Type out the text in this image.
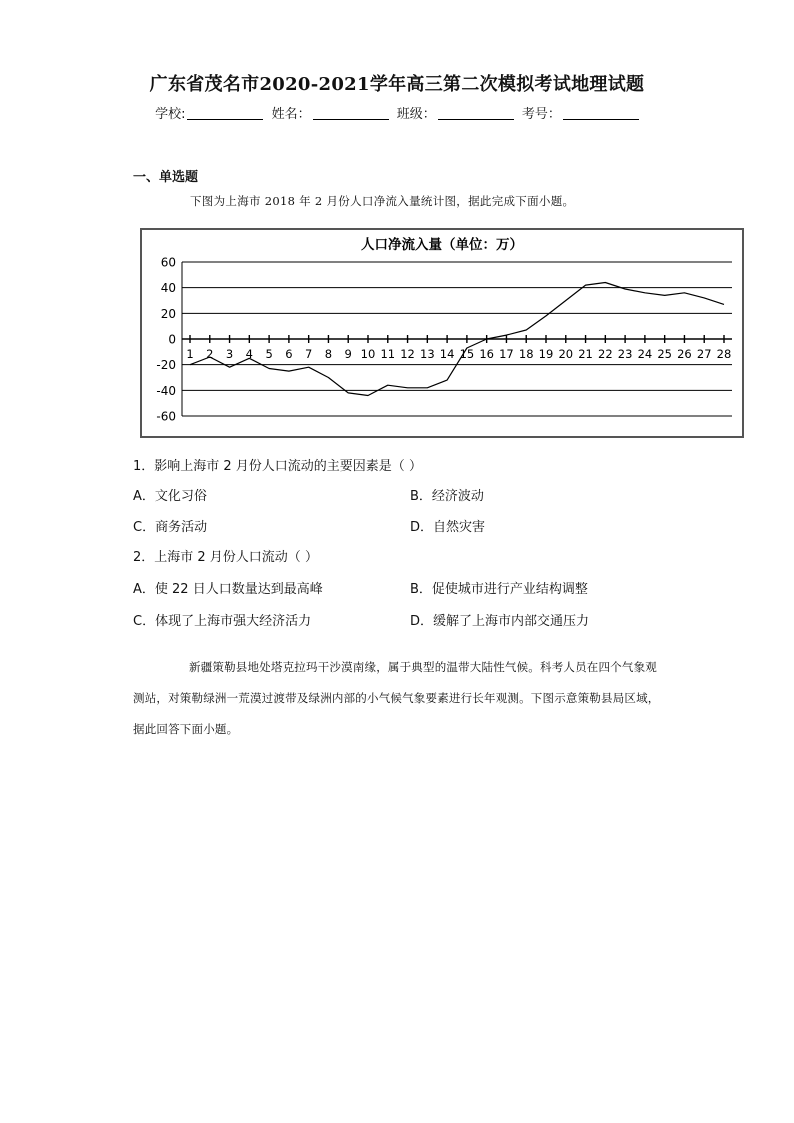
广东省茂名市2020-2021学年高三第二次模拟考试地理试题
学校:	姓名：	班级：	考号：
一、单选题
下图为上海市 2018 年 2 月份人口净流入量统计图，据此完成下面小题。
人口净流入量（单位：万）
60
40
20
0
-20
-40
-60
1 2 3 4 5 6 7 8 9 10 11 12 13 14 15 16 17 18 19 20 21 22 23 24 25 26 27 28
1．影响上海市 2 月份人口流动的主要因素是（ ）
A．文化习俗	B．经济波动
C．商务活动	D．自然灾害
2．上海市 2 月份人口流动（ ）
A．使 22 日人口数量达到最高峰	B．促使城市进行产业结构调整
C．体现了上海市强大经济活力	D．缓解了上海市内部交通压力

新疆策勒县地处塔克拉玛干沙漠南缘，属于典型的温带大陆性气候。科考人员在四个气象观测站，对策勒绿洲一荒漠过渡带及绿洲内部的小气候气象要素进行长年观测。下图示意策勒县局区域，据此回答下面小题。
